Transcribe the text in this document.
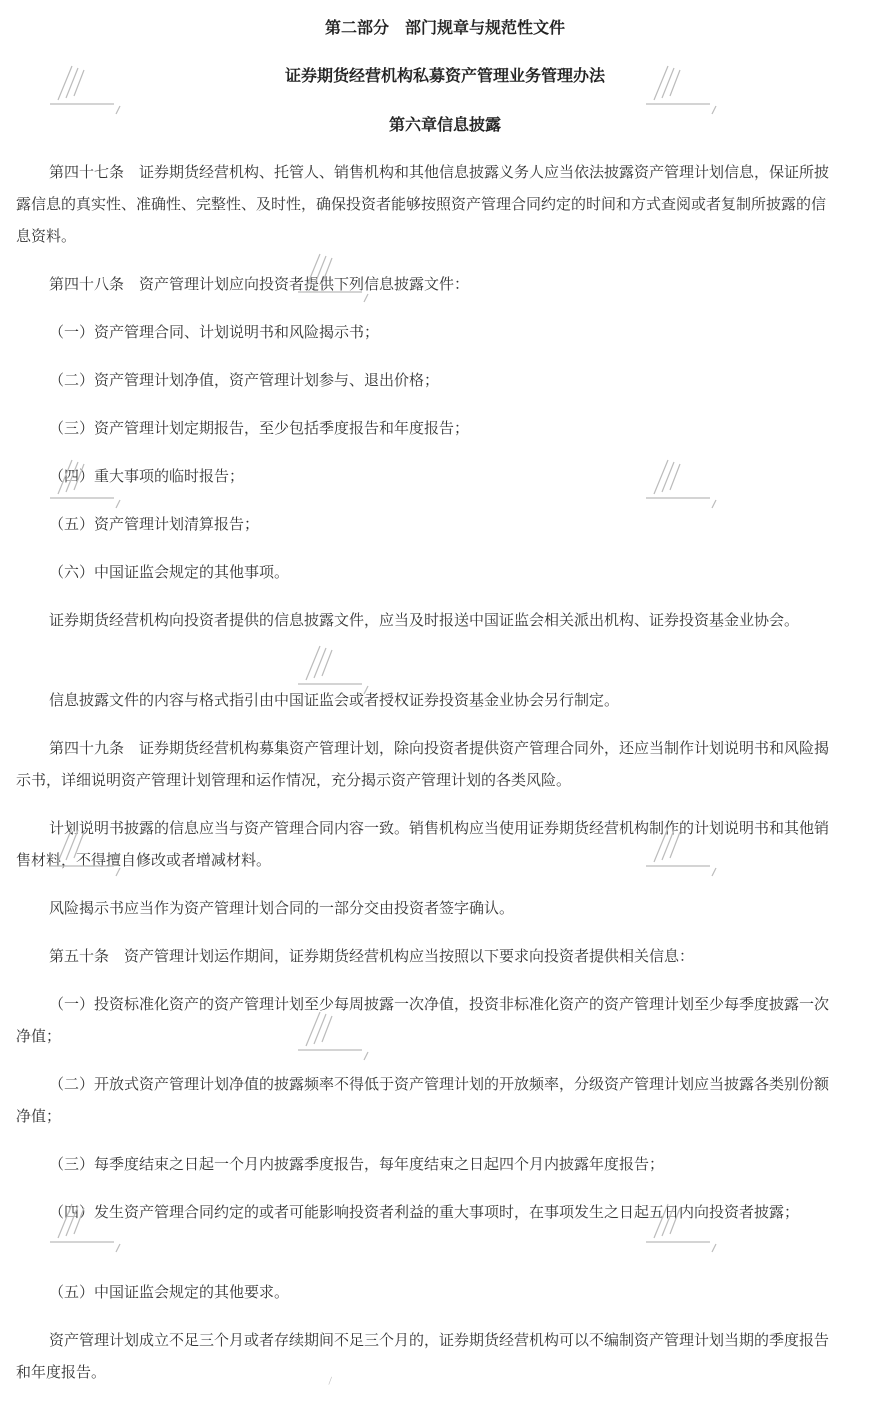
第二部分　部门规章与规范性文件
证券期货经营机构私募资产管理业务管理办法
第六章信息披露
第四十七条　证券期货经营机构、托管人、销售机构和其他信息披露义务人应当依法披露资产管理计划信息，保证所披露信息的真实性、准确性、完整性、及时性，确保投资者能够按照资产管理合同约定的时间和方式查阅或者复制所披露的信息资料。
第四十八条　资产管理计划应向投资者提供下列信息披露文件：
（一）资产管理合同、计划说明书和风险揭示书；
（二）资产管理计划净值，资产管理计划参与、退出价格；
（三）资产管理计划定期报告，至少包括季度报告和年度报告；
（四）重大事项的临时报告；
（五）资产管理计划清算报告；
（六）中国证监会规定的其他事项。
证券期货经营机构向投资者提供的信息披露文件，应当及时报送中国证监会相关派出机构、证券投资基金业协会。
信息披露文件的内容与格式指引由中国证监会或者授权证券投资基金业协会另行制定。
第四十九条　证券期货经营机构募集资产管理计划，除向投资者提供资产管理合同外，还应当制作计划说明书和风险揭示书，详细说明资产管理计划管理和运作情况，充分揭示资产管理计划的各类风险。
计划说明书披露的信息应当与资产管理合同内容一致。销售机构应当使用证券期货经营机构制作的计划说明书和其他销售材料，不得擅自修改或者增减材料。
风险揭示书应当作为资产管理计划合同的一部分交由投资者签字确认。
第五十条　资产管理计划运作期间，证券期货经营机构应当按照以下要求向投资者提供相关信息：
（一）投资标准化资产的资产管理计划至少每周披露一次净值，投资非标准化资产的资产管理计划至少每季度披露一次净值；
（二）开放式资产管理计划净值的披露频率不得低于资产管理计划的开放频率，分级资产管理计划应当披露各类别份额净值；
（三）每季度结束之日起一个月内披露季度报告，每年度结束之日起四个月内披露年度报告；
（四）发生资产管理合同约定的或者可能影响投资者利益的重大事项时，在事项发生之日起五日内向投资者披露；
（五）中国证监会规定的其他要求。
资产管理计划成立不足三个月或者存续期间不足三个月的，证券期货经营机构可以不编制资产管理计划当期的季度报告和年度报告。
